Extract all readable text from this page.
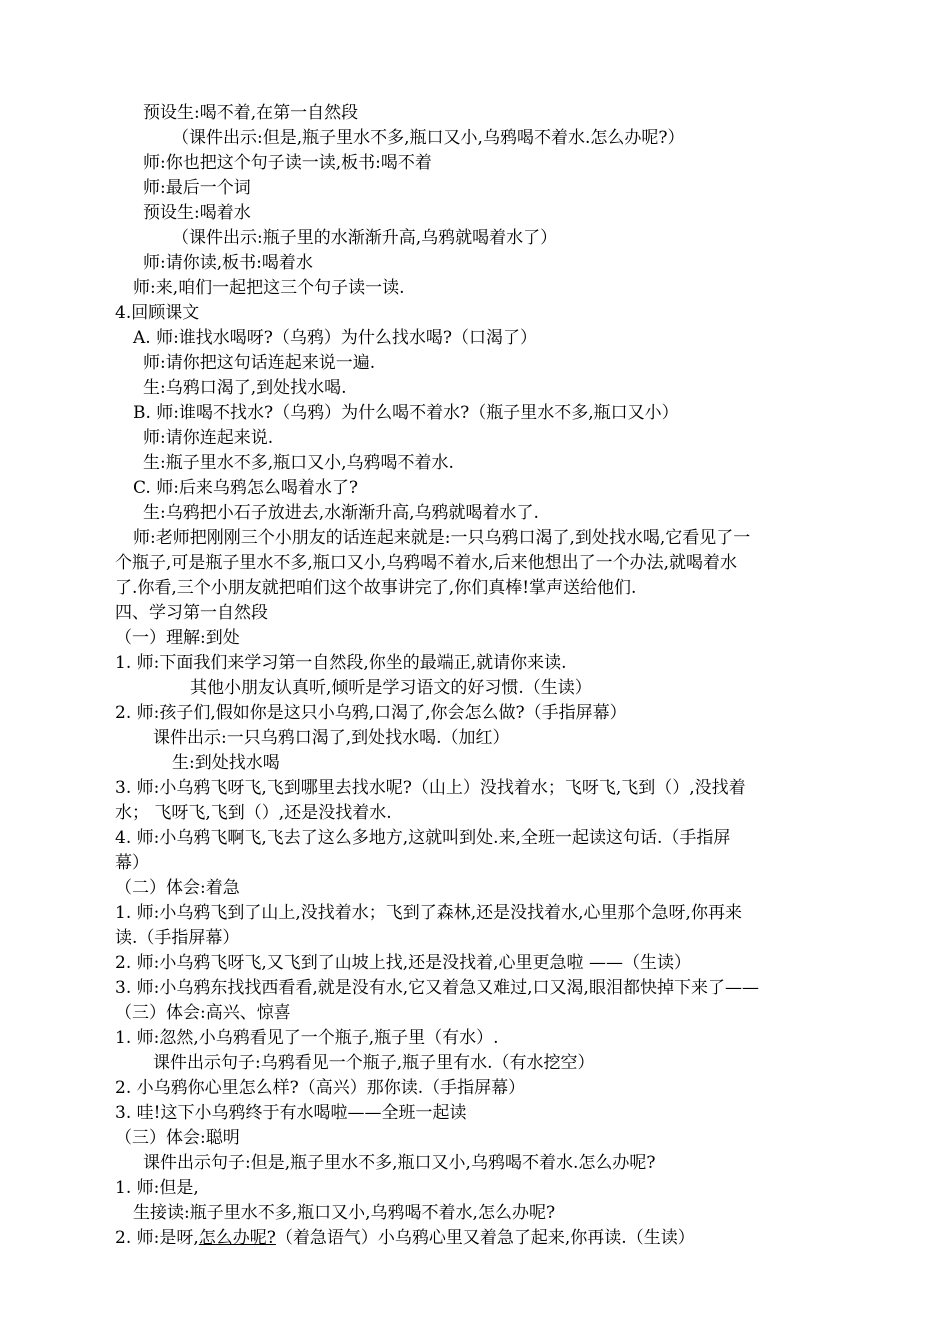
预设生:喝不着,在第一自然段
（课件出示:但是,瓶子里水不多,瓶口又小,乌鸦喝不着水.怎么办呢?）
师:你也把这个句子读一读,板书:喝不着
师:最后一个词
预设生:喝着水
（课件出示:瓶子里的水渐渐升高,乌鸦就喝着水了）
师:请你读,板书:喝着水
师:来,咱们一起把这三个句子读一读.
4.回顾课文
A. 师:谁找水喝呀?（乌鸦）为什么找水喝?（口渴了）
师:请你把这句话连起来说一遍.
生:乌鸦口渴了,到处找水喝.
B. 师:谁喝不找水?（乌鸦）为什么喝不着水?（瓶子里水不多,瓶口又小）
师:请你连起来说.
生:瓶子里水不多,瓶口又小,乌鸦喝不着水.
C. 师:后来乌鸦怎么喝着水了?
生:乌鸦把小石子放进去,水渐渐升高,乌鸦就喝着水了.
师:老师把刚刚三个小朋友的话连起来就是:一只乌鸦口渴了,到处找水喝,它看见了一
个瓶子,可是瓶子里水不多,瓶口又小,乌鸦喝不着水,后来他想出了一个办法,就喝着水
了.你看,三个小朋友就把咱们这个故事讲完了,你们真棒!掌声送给他们.
四、学习第一自然段
（一）理解:到处
1. 师:下面我们来学习第一自然段,你坐的最端正,就请你来读.
其他小朋友认真听,倾听是学习语文的好习惯.（生读）
2. 师:孩子们,假如你是这只小乌鸦,口渴了,你会怎么做?（手指屏幕）
课件出示:一只乌鸦口渴了,到处找水喝.（加红）
生:到处找水喝
3. 师:小乌鸦飞呀飞,飞到哪里去找水呢?（山上）没找着水；飞呀飞,飞到（）,没找着
水； 飞呀飞,飞到（）,还是没找着水.
4. 师:小乌鸦飞啊飞,飞去了这么多地方,这就叫到处.来,全班一起读这句话.（手指屏
幕）
（二）体会:着急
1. 师:小乌鸦飞到了山上,没找着水；飞到了森林,还是没找着水,心里那个急呀,你再来
读.（手指屏幕）
2. 师:小乌鸦飞呀飞,又飞到了山坡上找,还是没找着,心里更急啦 ——（生读）
3. 师:小乌鸦东找找西看看,就是没有水,它又着急又难过,口又渴,眼泪都快掉下来了——
（三）体会:高兴、惊喜
1. 师:忽然,小乌鸦看见了一个瓶子,瓶子里（有水）.
课件出示句子:乌鸦看见一个瓶子,瓶子里有水.（有水挖空）
2. 小乌鸦你心里怎么样?（高兴）那你读.（手指屏幕）
3. 哇!这下小乌鸦终于有水喝啦——全班一起读
（三）体会:聪明
课件出示句子:但是,瓶子里水不多,瓶口又小,乌鸦喝不着水.怎么办呢?
1. 师:但是,
生接读:瓶子里水不多,瓶口又小,乌鸦喝不着水,怎么办呢?
2. 师:是呀,怎么办呢?（着急语气）小乌鸦心里又着急了起来,你再读.（生读）
